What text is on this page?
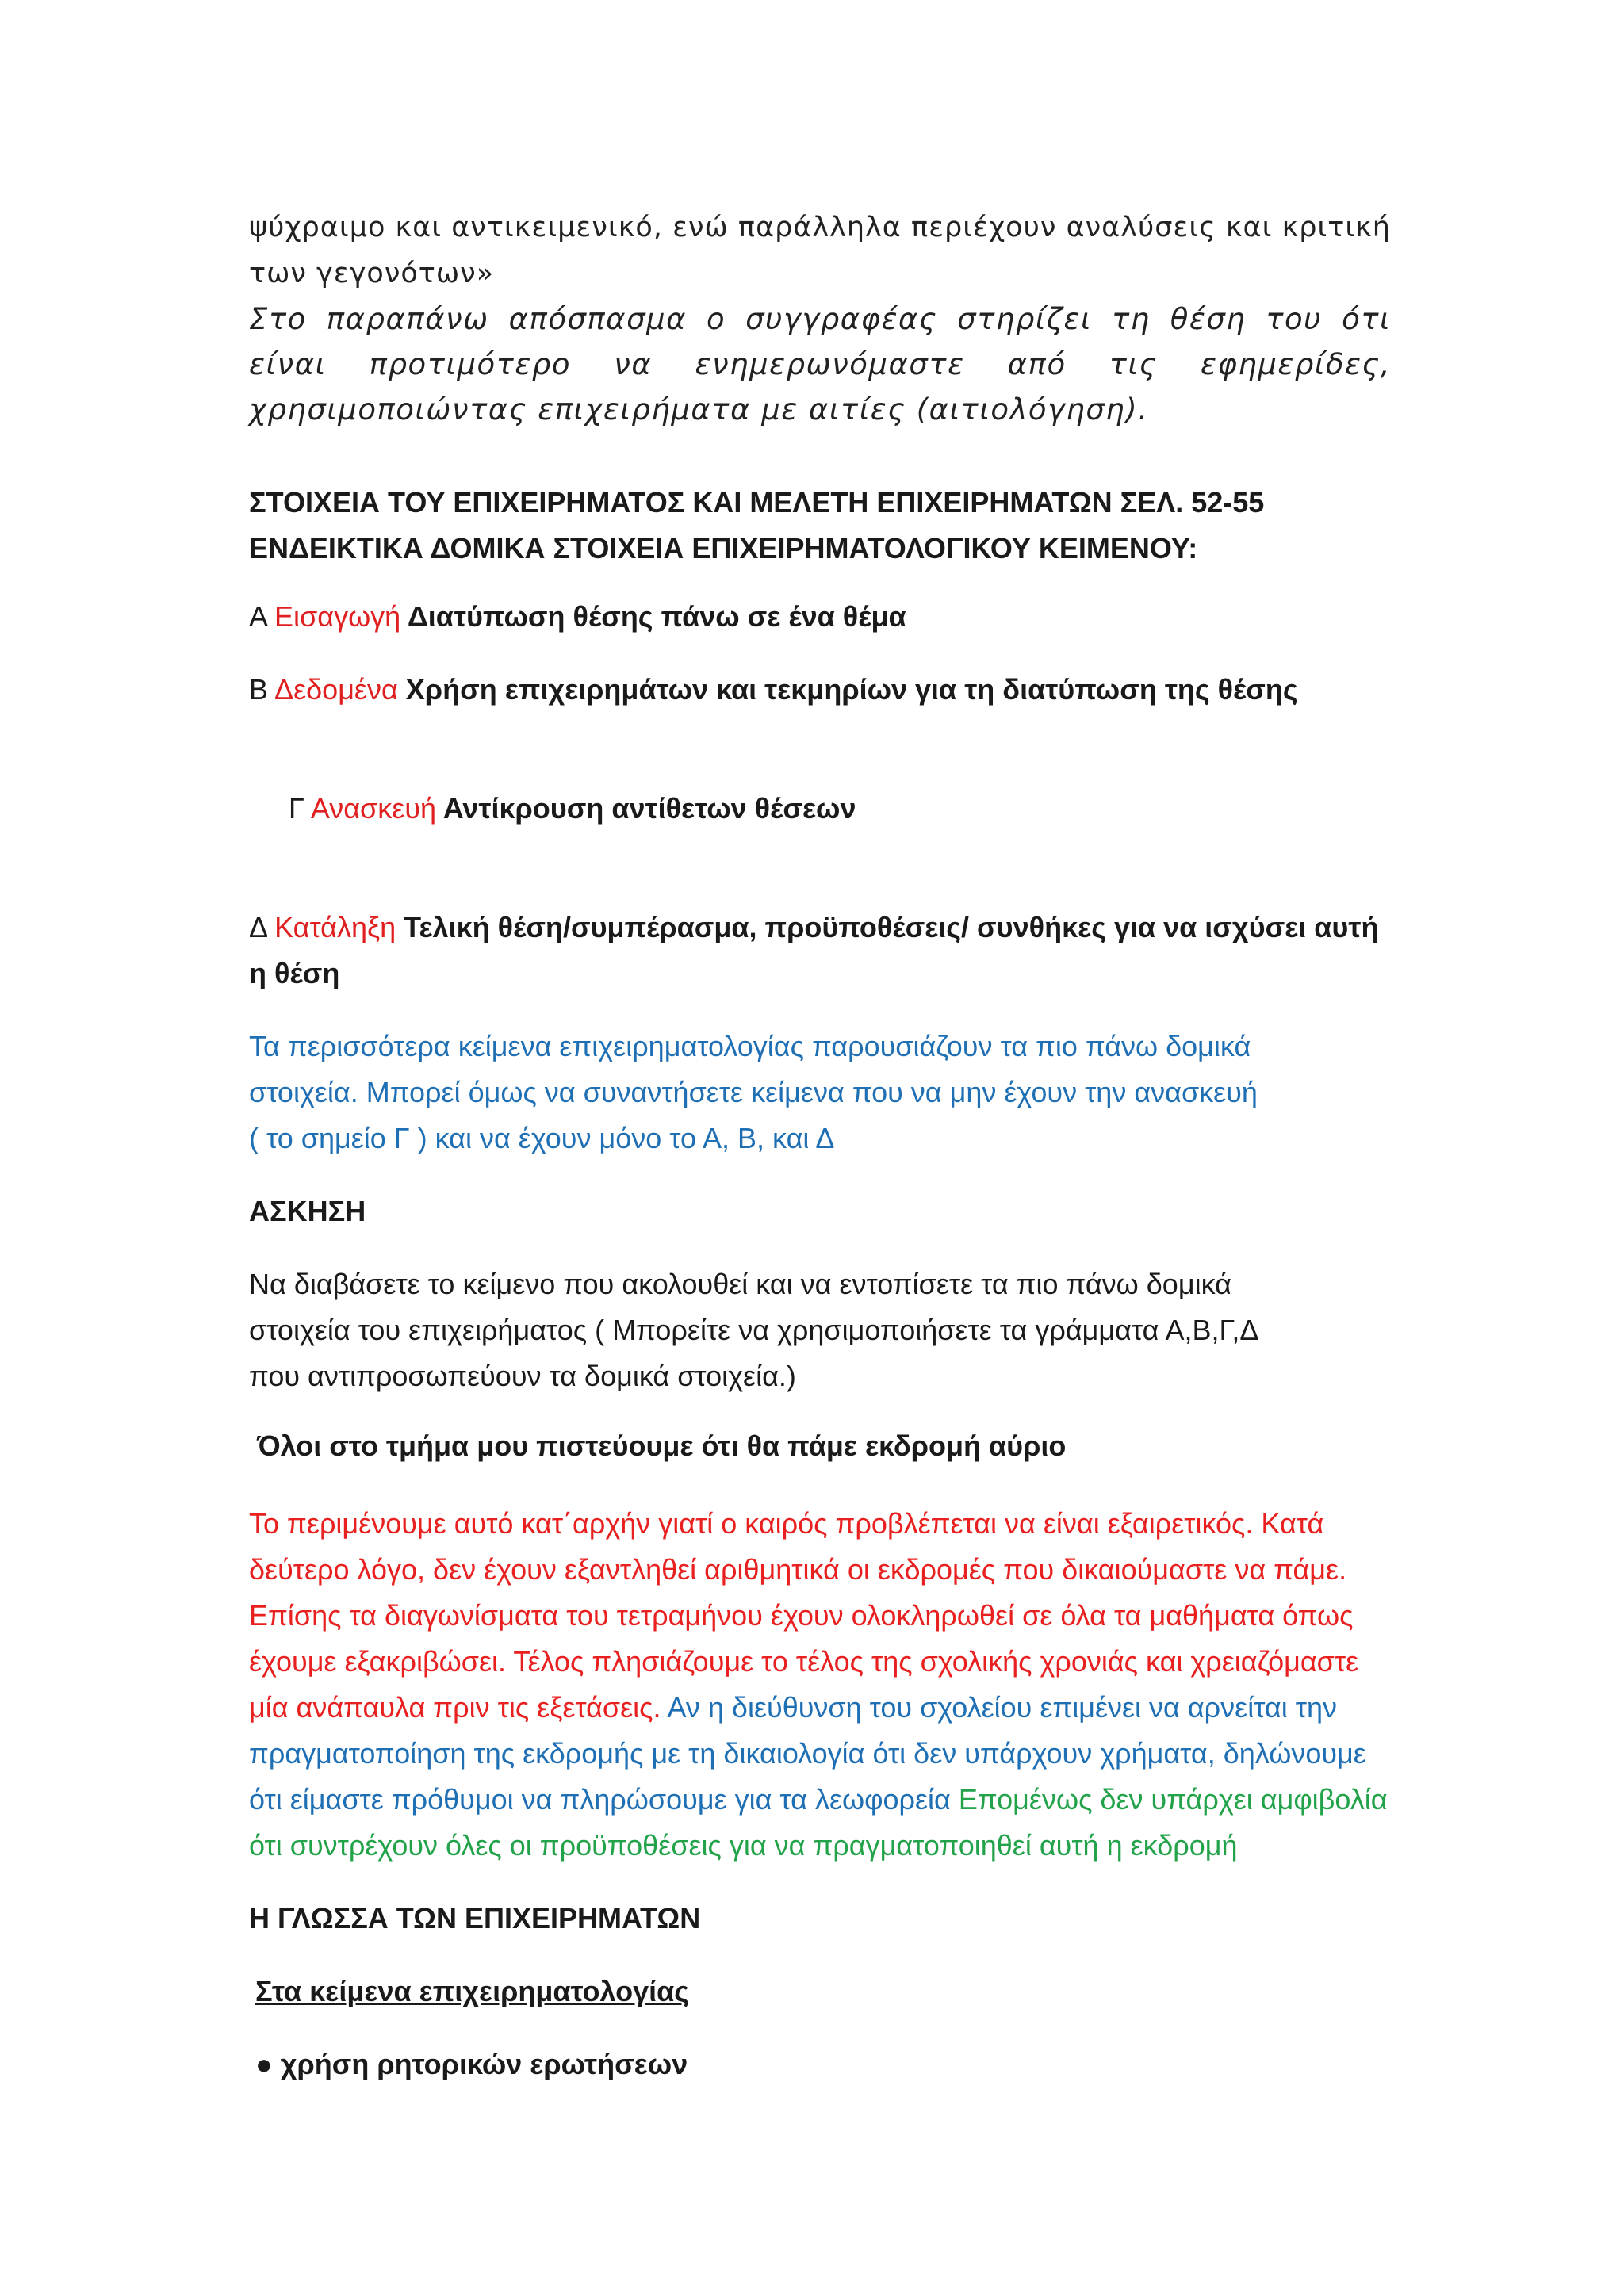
ψύχραιμο και αντικειμενικό, ενώ παράλληλα περιέχουν αναλύσεις και κριτική των γεγονότων»

Στο παραπάνω απόσπασμα ο συγγραφέας στηρίζει τη θέση του ότι είναι προτιμότερο να ενημερωνόμαστε από τις εφημερίδες, χρησιμοποιώντας επιχειρήματα με αιτίες (αιτιολόγηση).

ΣΤΟΙΧΕΙΑ ΤΟΥ ΕΠΙΧΕΙΡΗΜΑΤΟΣ ΚΑΙ ΜΕΛΕΤΗ ΕΠΙΧΕΙΡΗΜΑΤΩΝ ΣΕΛ. 52-55

ΕΝΔΕΙΚΤΙΚΑ ΔΟΜΙΚΑ ΣΤΟΙΧΕΙΑ ΕΠΙΧΕΙΡΗΜΑΤΟΛΟΓΙΚΟΥ ΚΕΙΜΕΝΟΥ:

Α Εισαγωγή Διατύπωση θέσης πάνω σε ένα θέμα

Β Δεδομένα Χρήση επιχειρημάτων και τεκμηρίων για τη διατύπωση της θέσης

Γ Ανασκευή Αντίκρουση αντίθετων θέσεων

Δ Κατάληξη Τελική θέση/συμπέρασμα, προϋποθέσεις/ συνθήκες για να ισχύσει αυτή η θέση

Τα περισσότερα κείμενα επιχειρηματολογίας παρουσιάζουν τα πιο πάνω δομικά
στοιχεία. Μπορεί όμως να συναντήσετε κείμενα που να μην έχουν την ανασκευή
( το σημείο Γ ) και να έχουν μόνο το Α, Β, και Δ

ΑΣΚΗΣΗ

Να διαβάσετε το κείμενο που ακολουθεί και να εντοπίσετε τα πιο πάνω δομικά
στοιχεία του επιχειρήματος ( Μπορείτε να χρησιμοποιήσετε τα γράμματα Α,Β,Γ,Δ
που αντιπροσωπεύουν τα δομικά στοιχεία.)

Όλοι στο τμήμα μου πιστεύουμε ότι θα πάμε εκδρομή αύριο

Το περιμένουμε αυτό κατ΄αρχήν γιατί ο καιρός προβλέπεται να είναι εξαιρετικός. Κατά δεύτερο λόγο, δεν έχουν εξαντληθεί αριθμητικά οι εκδρομές που δικαιούμαστε να πάμε. Επίσης τα διαγωνίσματα του τετραμήνου έχουν ολοκληρωθεί σε όλα τα μαθήματα όπως έχουμε εξακριβώσει. Τέλος πλησιάζουμε το τέλος της σχολικής χρονιάς και χρειαζόμαστε μία ανάπαυλα πριν τις εξετάσεις. Αν η διεύθυνση του σχολείου επιμένει να αρνείται την πραγματοποίηση της εκδρομής με τη δικαιολογία ότι δεν υπάρχουν χρήματα, δηλώνουμε ότι είμαστε πρόθυμοι να πληρώσουμε για τα λεωφορεία Επομένως δεν υπάρχει αμφιβολία ότι συντρέχουν όλες οι προϋποθέσεις για να πραγματοποιηθεί αυτή η εκδρομή

Η ΓΛΩΣΣΑ ΤΩΝ ΕΠΙΧΕΙΡΗΜΑΤΩΝ

Στα κείμενα επιχειρηματολογίας

● χρήση ρητορικών ερωτήσεων
